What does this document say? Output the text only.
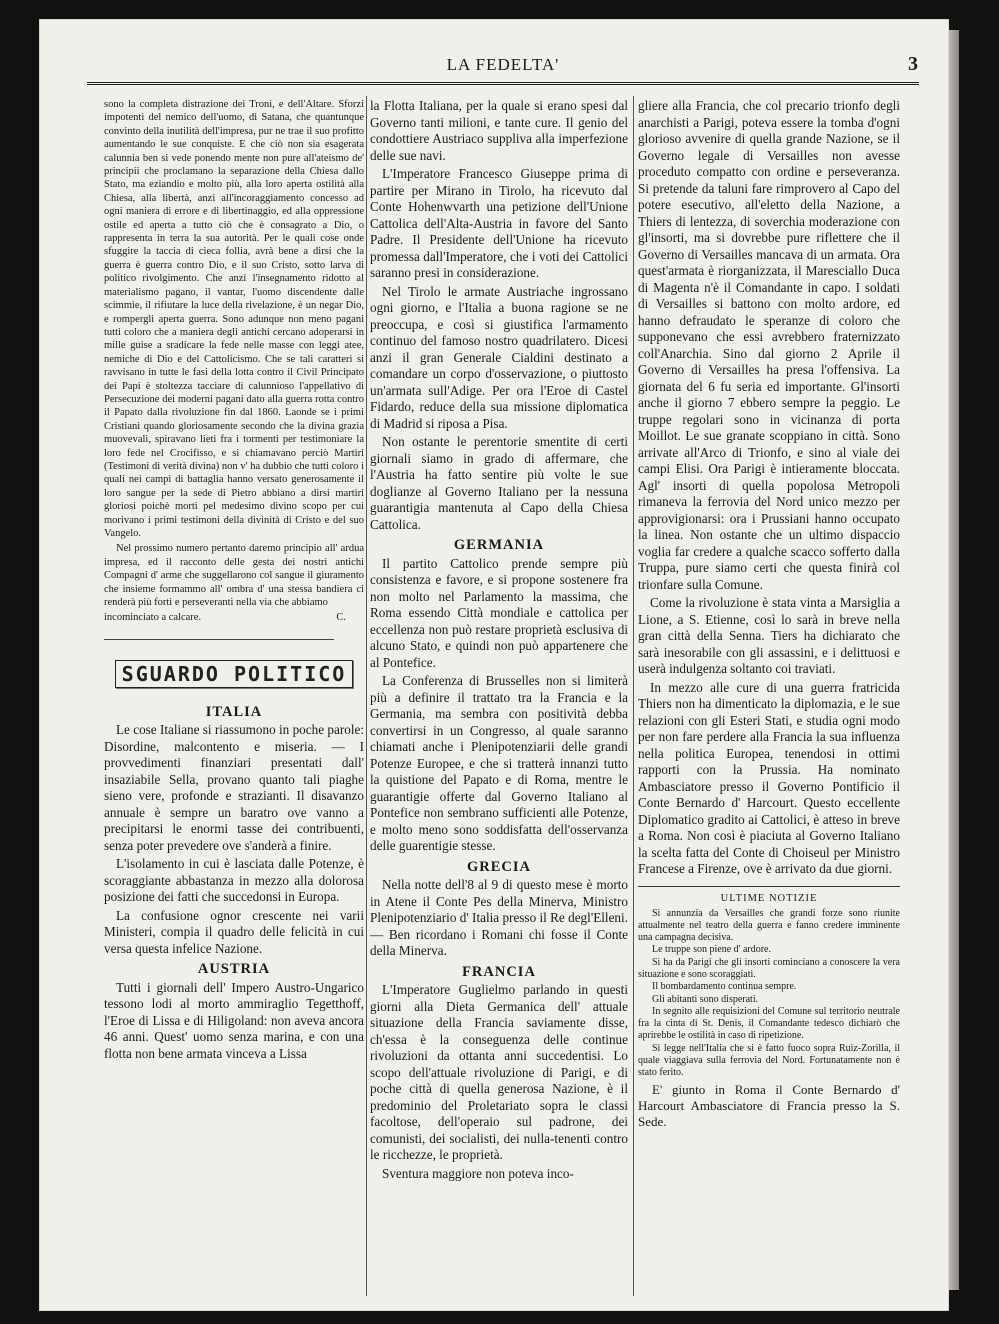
LA FEDELTA'	3

sono la completa distrazione dei Troni, e dell'Altare. Sforzi impotenti del nemico dell'uomo, di Satana, che quantunque convinto della inutilità dell'impresa, pur ne trae il suo profitto aumentando le sue conquiste. E che ciò non sia esagerata calunnia ben si vede ponendo mente non pure all'ateismo de' principii che proclamano la separazione della Chiesa dallo Stato, ma eziandio e molto più, alla loro aperta ostilità alla Chiesa, alla libertà, anzi all'incoraggiamento concesso ad ogni maniera di errore e di libertinaggio, ed alla oppressione ostile ed aperta a tutto ciò che è consagrato a Dio, o rappresenta in terra la sua autorità. Per le quali cose onde sfuggire la taccia di cieca follia, avrà bene a dirsi che la guerra è guerra contro Dio, e il suo Cristo, sotto larva di politico rivolgimento. Che anzi l'insegnamento ridotto al materialismo pagano, il vantar, l'uomo discendente dalle scimmie, il rifiutare la luce della rivelazione, è un negar Dio, e rompergli aperta guerra. Sono adunque non meno pagani tutti coloro che a maniera degli antichi cercano adoperarsi in mille guise a sradicare la fede nelle masse con leggi atee, nemiche di Dio e del Cattolicismo. Che se tali caratteri si ravvisano in tutte le fasi della lotta contro il Civil Principato dei Papi è stoltezza tacciare di calunnioso l'appellativo di Persecuzione dei moderni pagani dato alla guerra rotta contro il Papato dalla rivoluzione fin dal 1860. Laonde se i primi Cristiani quando gloriosamente secondo che la divina grazia muovevali, spiravano lieti fra i tormenti per testimoniare la loro fede nel Crocifisso, e si chiamavano perciò Martiri (Testimoni di verità divina) non v' ha dubbio che tutti coloro i quali nei campi di battaglia hanno versato generosamente il loro sangue per la sede di Pietro abbiano a dirsi martiri gloriosi poichè morti pel medesimo divino scopo per cui morivano i primi testimoni della divinità di Cristo e del suo Vangelo.

Nel prossimo numero pertanto daremo principio all' ardua impresa, ed il racconto delle gesta dei nostri antichi Compagni d' arme che suggellarono col sangue il giuramento che insieme formammo all' ombra d' una stessa bandiera ci renderà più forti e perseveranti nella via che abbiamo

incominciato a calcare.	C.
SGUARDO POLITICO
ITALIA

Le cose Italiane si riassumono in poche parole: Disordine, malcontento e miseria. — I provvedimenti finanziari presentati dall' insaziabile Sella, provano quanto tali piaghe sieno vere, profonde e strazianti. Il disavanzo annuale è sempre un baratro ove vanno a precipitarsi le enormi tasse dei contribuenti, senza poter prevedere ove s'anderà a finire.

L'isolamento in cui è lasciata dalle Potenze, è scoraggiante abbastanza in mezzo alla dolorosa posizione dei fatti che succedonsi in Europa.

La confusione ognor crescente nei varii Ministeri, compia il quadro delle felicità in cui versa questa infelice Nazione.

AUSTRIA

Tutti i giornali dell' Impero Austro-Ungarico tessono lodi al morto ammiraglio Tegetthoff, l'Eroe di Lissa e di Hiligoland: non aveva ancora 46 anni. Quest' uomo senza marina, e con una flotta non bene armata vinceva a Lissa

la Flotta Italiana, per la quale si erano spesi dal Governo tanti milioni, e tante cure. Il genio del condottiere Austriaco suppliva alla imperfezione delle sue navi.

L'Imperatore Francesco Giuseppe prima di partire per Mirano in Tirolo, ha ricevuto dal Conte Hohenwvarth una petizione dell'Unione Cattolica dell'Alta-Austria in favore del Santo Padre. Il Presidente dell'Unione ha ricevuto promessa dall'Imperatore, che i voti dei Cattolici saranno presi in considerazione.

Nel Tirolo le armate Austriache ingrossano ogni giorno, e l'Italia a buona ragione se ne preoccupa, e così si giustifica l'armamento continuo del famoso nostro quadrilatero. Dicesi anzi il gran Generale Cialdini destinato a comandare un corpo d'osservazione, o piuttosto un'armata sull'Adige. Per ora l'Eroe di Castel Fidardo, reduce della sua missione diplomatica di Madrid si riposa a Pisa.

Non ostante le perentorie smentite di certi giornali siamo in grado di affermare, che l'Austria ha fatto sentire più volte le sue doglianze al Governo Italiano per la nessuna guarantigia mantenuta al Capo della Chiesa Cattolica.

GERMANIA

Il partito Cattolico prende sempre più consistenza e favore, e si propone sostenere fra non molto nel Parlamento la massima, che Roma essendo Città mondiale e cattolica per eccellenza non può restare proprietà esclusiva di alcuno Stato, e quindi non può appartenere che al Pontefice.

La Conferenza di Brusselles non si limiterà più a definire il trattato tra la Francia e la Germania, ma sembra con positività debba convertirsi in un Congresso, al quale saranno chiamati anche i Plenipotenziarii delle grandi Potenze Europee, e che si tratterà innanzi tutto la quistione del Papato e di Roma, mentre le guarantigie offerte dal Governo Italiano al Pontefice non sembrano sufficienti alle Potenze, e molto meno sono soddisfatta dell'osservanza delle guarentigie stesse.

GRECIA

Nella notte dell'8 al 9 di questo mese è morto in Atene il Conte Pes della Minerva, Ministro Plenipotenziario d' Italia presso il Re degl'Elleni. — Ben ricordano i Romani chi fosse il Conte della Minerva.

FRANCIA

L'Imperatore Guglielmo parlando in questi giorni alla Dieta Germanica dell' attuale situazione della Francia saviamente disse, ch'essa è la conseguenza delle continue rivoluzioni da ottanta anni succedentisi. Lo scopo dell'attuale rivoluzione di Parigi, e di poche città di quella generosa Nazione, è il predominio del Proletariato sopra le classi facoltose, dell'operaio sul padrone, dei comunisti, dei socialisti, dei nulla-tenenti contro le ricchezze, le proprietà.

Sventura maggiore non poteva inco-

gliere alla Francia, che col precario trionfo degli anarchisti a Parigi, poteva essere la tomba d'ogni glorioso avvenire di quella grande Nazione, se il Governo legale di Versailles non avesse proceduto compatto con ordine e perseveranza. Si pretende da taluni fare rimprovero al Capo del potere esecutivo, all'eletto della Nazione, a Thiers di lentezza, di soverchia moderazione con gl'insorti, ma si dovrebbe pure riflettere che il Governo di Versailles mancava di un armata. Ora quest'armata è riorganizzata, il Maresciallo Duca di Magenta n'è il Comandante in capo. I soldati di Versailles si battono con molto ardore, ed hanno defraudato le speranze di coloro che supponevano che essi avrebbero fraternizzato coll'Anarchia. Sino dal giorno 2 Aprile il Governo di Versailles ha presa l'offensiva. La giornata del 6 fu seria ed importante. Gl'insorti anche il giorno 7 ebbero sempre la peggio. Le truppe regolari sono in vicinanza di porta Moillot. Le sue granate scoppiano in città. Sono arrivate all'Arco di Trionfo, e sino al viale dei campi Elisi. Ora Parigi è intieramente bloccata. Agl' insorti di quella popolosa Metropoli rimaneva la ferrovia del Nord unico mezzo per approvigionarsi: ora i Prussiani hanno occupato la linea. Non ostante che un ultimo dispaccio voglia far credere a qualche scacco sofferto dalla Truppa, pure siamo certi che questa finirà col trionfare sulla Comune.

Come la rivoluzione è stata vinta a Marsiglia a Lione, a S. Etienne, così lo sarà in breve nella gran città della Senna. Tiers ha dichiarato che sarà inesorabile con gli assassini, e i delittuosi e userà indulgenza soltanto coi traviati.

In mezzo alle cure di una guerra fratricida Thiers non ha dimenticato la diplomazia, e le sue relazioni con gli Esteri Stati, e studia ogni modo per non fare perdere alla Francia la sua influenza nella politica Europea, tenendosi in ottimi rapporti con la Prussia. Ha nominato Ambasciatore presso il Governo Pontificio il Conte Bernardo d' Harcourt. Questo eccellente Diplomatico gradito ai Cattolici, è atteso in breve a Roma. Non così è piaciuta al Governo Italiano la scelta fatta del Conte di Choiseul per Ministro Francese a Firenze, ove è arrivato da due giorni.

ULTIME NOTIZIE

Si annunzia da Versailles che grandi forze sono riunite attualmente nel teatro della guerra e fanno credere imminente una campagna decisiva.

Le truppe son piene d' ardore.

Si ha da Parigi che gli insorti cominciano a conoscere la vera situazione e sono scoraggiati.

Il bombardamento continua sempre.

Gli abitanti sono disperati.

In segnito alle requisizioni del Comune sul territorio neutrale fra la cinta di St. Denis, il Comandante tedesco dichiarò che aprirebbe le ostilità in caso di ripetizione.

Si legge nell'Italia che si è fatto fuoco sopra Ruiz-Zorilla, il quale viaggiava sulla ferrovia del Nord. Fortunatamente non è stato ferito.

E' giunto in Roma il Conte Bernardo d' Harcourt Ambasciatore di Francia presso la S. Sede.
